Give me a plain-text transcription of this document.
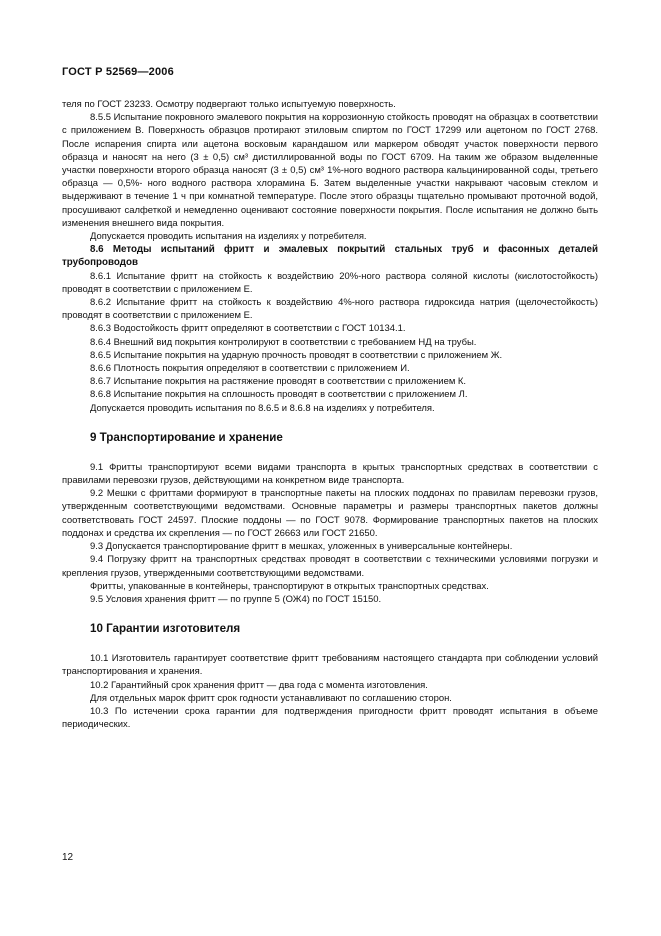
ГОСТ Р 52569—2006
теля по ГОСТ 23233. Осмотру подвергают только испытуемую поверхность.
8.5.5 Испытание покровного эмалевого покрытия на коррозионную стойкость проводят на образцах в соответствии с приложением В. Поверхность образцов протирают этиловым спиртом по ГОСТ 17299 или ацетоном по ГОСТ 2768. После испарения спирта или ацетона восковым карандашом или маркером обводят участок поверхности первого образца и наносят на него (3 ± 0,5) см³ дистиллированной воды по ГОСТ 6709. На таким же образом выделенные участки поверхности второго образца наносят (3 ± 0,5) см³ 1%-ного водного раствора кальцинированной соды, третьего образца — 0,5%- ного водного раствора хлорамина Б. Затем выделенные участки накрывают часовым стеклом и выдерживают в течение 1 ч при комнатной температуре. После этого образцы тщательно промывают проточной водой, просушивают салфеткой и немедленно оценивают состояние поверхности покрытия. После испытания не должно быть изменения внешнего вида покрытия.
Допускается проводить испытания на изделиях у потребителя.
8.6 Методы испытаний фритт и эмалевых покрытий стальных труб и фасонных деталей трубопроводов
8.6.1 Испытание фритт на стойкость к воздействию 20%-ного раствора соляной кислоты (кислотостойкость) проводят в соответствии с приложением Е.
8.6.2 Испытание фритт на стойкость к воздействию 4%-ного раствора гидроксида натрия (щелочестойкость) проводят в соответствии с приложением Е.
8.6.3 Водостойкость фритт определяют в соответствии с ГОСТ 10134.1.
8.6.4 Внешний вид покрытия контролируют в соответствии с требованием НД на трубы.
8.6.5 Испытание покрытия на ударную прочность проводят в соответствии с приложением Ж.
8.6.6 Плотность покрытия определяют в соответствии с приложением И.
8.6.7 Испытание покрытия на растяжение проводят в соответствии с приложением К.
8.6.8 Испытание покрытия на сплошность проводят в соответствии с приложением Л.
Допускается проводить испытания по 8.6.5 и 8.6.8 на изделиях у потребителя.
9 Транспортирование и хранение
9.1 Фритты транспортируют всеми видами транспорта в крытых транспортных средствах в соответствии с правилами перевозки грузов, действующими на конкретном виде транспорта.
9.2 Мешки с фриттами формируют в транспортные пакеты на плоских поддонах по правилам перевозки грузов, утвержденным соответствующими ведомствами. Основные параметры и размеры транспортных пакетов должны соответствовать ГОСТ 24597. Плоские поддоны — по ГОСТ 9078. Формирование транспортных пакетов на плоских поддонах и средства их скрепления — по ГОСТ 26663 или ГОСТ 21650.
9.3 Допускается транспортирование фритт в мешках, уложенных в универсальные контейнеры.
9.4 Погрузку фритт на транспортных средствах проводят в соответствии с техническими условиями погрузки и крепления грузов, утвержденными соответствующими ведомствами.
Фритты, упакованные в контейнеры, транспортируют в открытых транспортных средствах.
9.5 Условия хранения фритт — по группе 5 (ОЖ4) по ГОСТ 15150.
10 Гарантии изготовителя
10.1 Изготовитель гарантирует соответствие фритт требованиям настоящего стандарта при соблюдении условий транспортирования и хранения.
10.2 Гарантийный срок хранения фритт — два года с момента изготовления.
Для отдельных марок фритт срок годности устанавливают по соглашению сторон.
10.3 По истечении срока гарантии для подтверждения пригодности фритт проводят испытания в объеме периодических.
12
